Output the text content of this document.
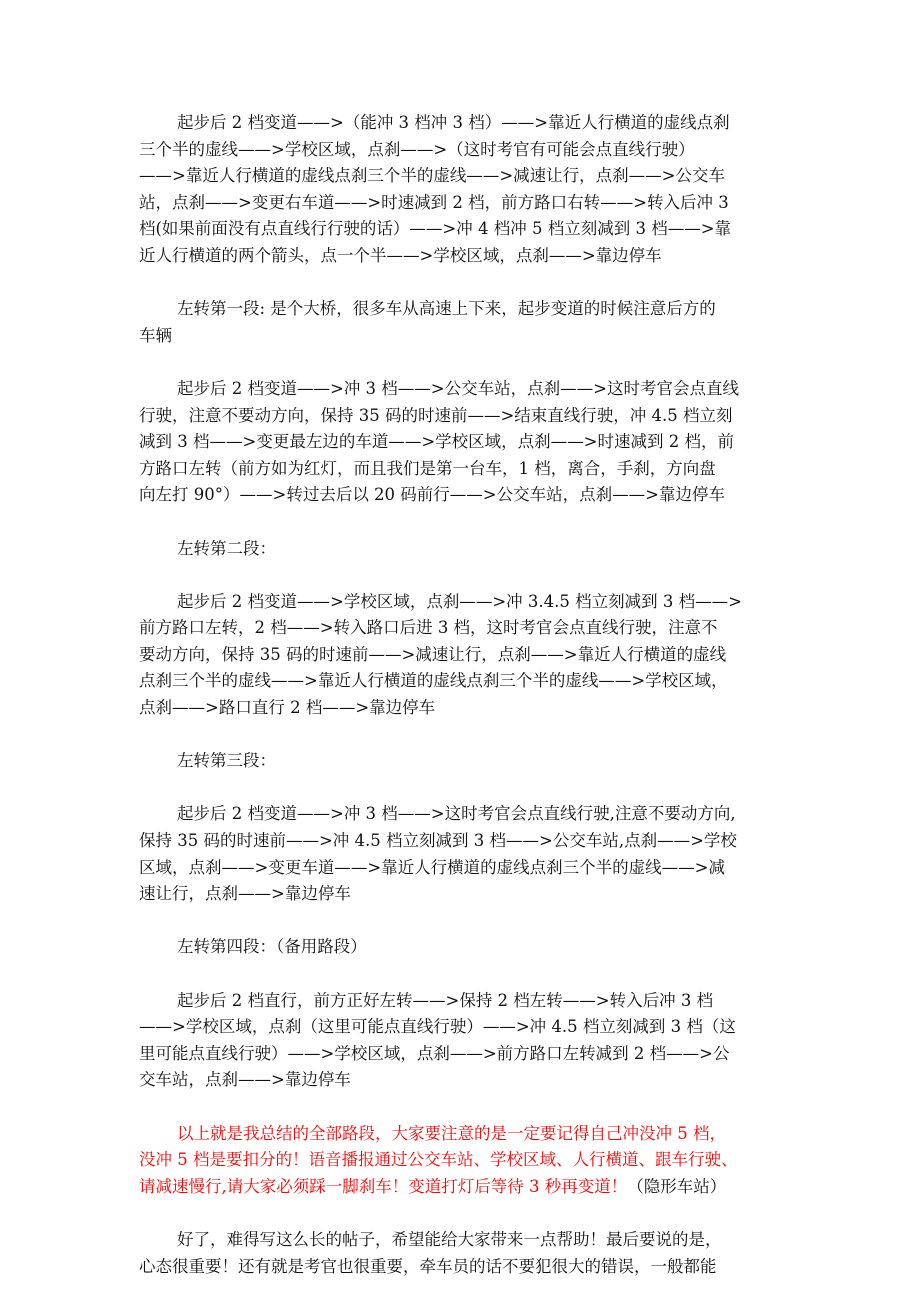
起步后 2 档变道——>（能冲 3 档冲 3 档）——>靠近人行横道的虚线点刹
三个半的虚线——>学校区域，点刹——>（这时考官有可能会点直线行驶）
——>靠近人行横道的虚线点刹三个半的虚线——>减速让行，点刹——>公交车
站，点刹——>变更右车道——>时速减到 2 档，前方路口右转——>转入后冲 3
档(如果前面没有点直线行行驶的话）——>冲 4 档冲 5 档立刻减到 3 档——>靠
近人行横道的两个箭头，点一个半——>学校区域，点刹——>靠边停车

左转第一段: 是个大桥，很多车从高速上下来，起步变道的时候注意后方的
车辆

起步后 2 档变道——>冲 3 档——>公交车站，点刹——>这时考官会点直线
行驶，注意不要动方向，保持 35 码的时速前——>结束直线行驶，冲 4.5 档立刻
减到 3 档——>变更最左边的车道——>学校区域，点刹——>时速减到 2 档，前
方路口左转（前方如为红灯，而且我们是第一台车，1 档，离合，手刹，方向盘
向左打 90°）——>转过去后以 20 码前行——>公交车站，点刹——>靠边停车

左转第二段：

起步后 2 档变道——>学校区域，点刹——>冲 3.4.5 档立刻减到 3 档——>
前方路口左转，2 档——>转入路口后进 3 档，这时考官会点直线行驶，注意不
要动方向，保持 35 码的时速前——>减速让行，点刹——>靠近人行横道的虚线
点刹三个半的虚线——>靠近人行横道的虚线点刹三个半的虚线——>学校区域，
点刹——>路口直行 2 档——>靠边停车

左转第三段：

起步后 2 档变道——>冲 3 档——>这时考官会点直线行驶,注意不要动方向,
保持 35 码的时速前——>冲 4.5 档立刻减到 3 档——>公交车站,点刹——>学校
区域，点刹——>变更车道——>靠近人行横道的虚线点刹三个半的虚线——>减
速让行，点刹——>靠边停车

左转第四段：（备用路段）

起步后 2 档直行，前方正好左转——>保持 2 档左转——>转入后冲 3 档
——>学校区域，点刹（这里可能点直线行驶）——>冲 4.5 档立刻减到 3 档（这
里可能点直线行驶）——>学校区域，点刹——>前方路口左转减到 2 档——>公
交车站，点刹——>靠边停车

以上就是我总结的全部路段，大家要注意的是一定要记得自己冲没冲 5 档，
没冲 5 档是要扣分的！语音播报通过公交车站、学校区域、人行横道、跟车行驶、
请减速慢行,请大家必须踩一脚刹车！变道打灯后等待 3 秒再变道！（隐形车站）

好了，难得写这么长的帖子，希望能给大家带来一点帮助！最后要说的是，
心态很重要！还有就是考官也很重要，牵车员的话不要犯很大的错误，一般都能
